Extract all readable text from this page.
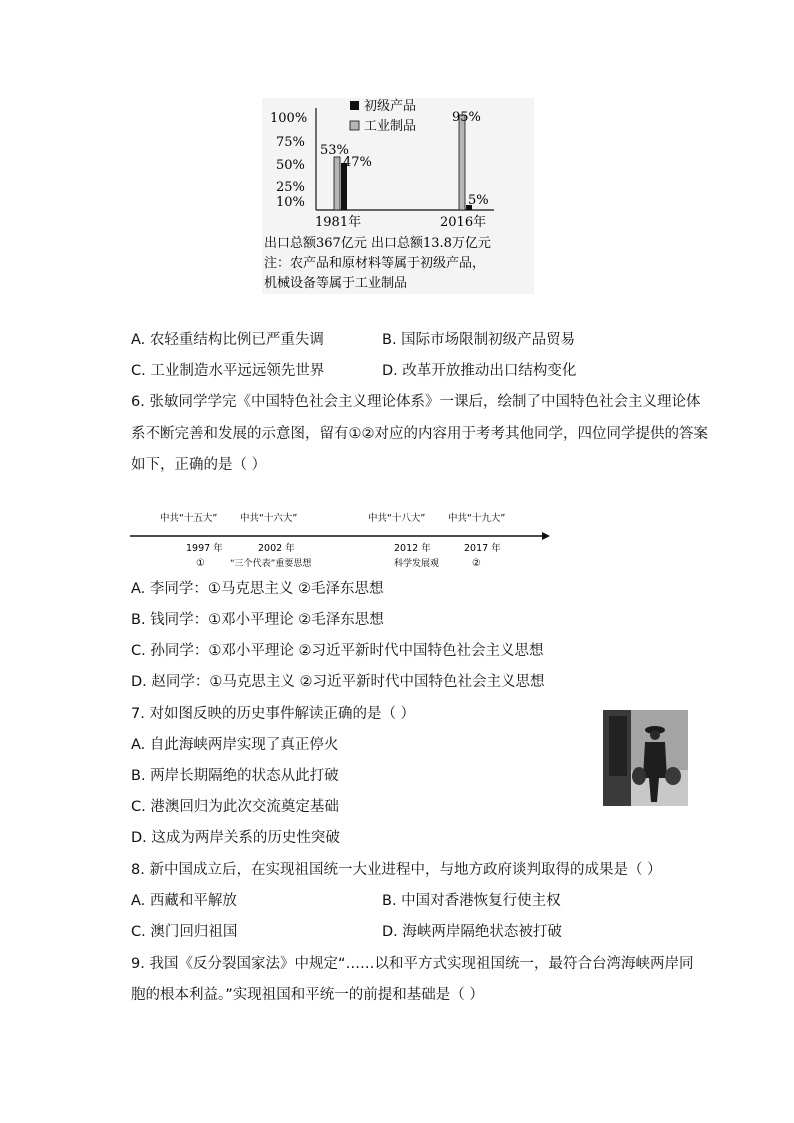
100%
75%
50%
25%
10%
初级产品
工业制品
53%
47%
95%
5%
1981年	2016年
出口总额367亿元 出口总额13.8万亿元
注：农产品和原材料等属于初级产品，
机械设备等属于工业制品
A. 农轻重结构比例已严重失调	B. 国际市场限制初级产品贸易
C. 工业制造水平远远领先世界	D. 改革开放推动出口结构变化
6. 张敏同学学完《中国特色社会主义理论体系》一课后，绘制了中国特色社会主义理论体
系不断完善和发展的示意图，留有①②对应的内容用于考考其他同学，四位同学提供的答案
如下，正确的是（ ）
中共“十五大” 中共“十六大”	中共“十八大” 中共“十九大”
1997 年	2002 年	2012 年	2017 年
①	“三个代表”重要思想	科学发展观	②
A. 李同学：①马克思主义 ②毛泽东思想
B. 钱同学：①邓小平理论 ②毛泽东思想
C. 孙同学：①邓小平理论 ②习近平新时代中国特色社会主义思想
D. 赵同学：①马克思主义 ②习近平新时代中国特色社会主义思想
7. 对如图反映的历史事件解读正确的是（ ）
A. 自此海峡两岸实现了真正停火
B. 两岸长期隔绝的状态从此打破
C. 港澳回归为此次交流奠定基础
D. 这成为两岸关系的历史性突破
8. 新中国成立后，在实现祖国统一大业进程中，与地方政府谈判取得的成果是（ ）
A. 西藏和平解放	B. 中国对香港恢复行使主权
C. 澳门回归祖国	D. 海峡两岸隔绝状态被打破
9. 我国《反分裂国家法》中规定“……以和平方式实现祖国统一，最符合台湾海峡两岸同
胞的根本利益。”实现祖国和平统一的前提和基础是（ ）
